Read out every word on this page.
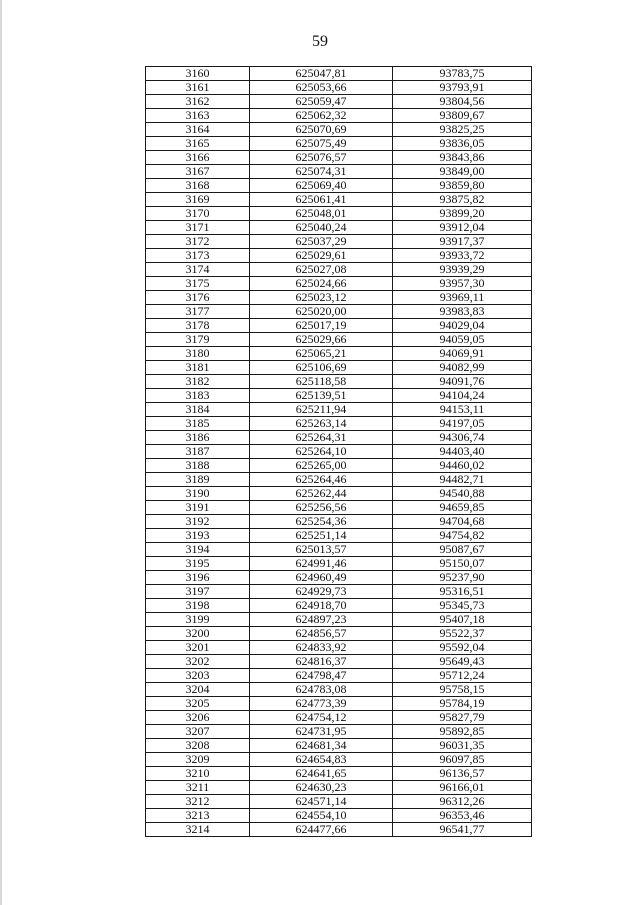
59
3160	625047,81	93783,75
3161	625053,66	93793,91
3162	625059,47	93804,56
3163	625062,32	93809,67
3164	625070,69	93825,25
3165	625075,49	93836,05
3166	625076,57	93843,86
3167	625074,31	93849,00
3168	625069,40	93859,80
3169	625061,41	93875,82
3170	625048,01	93899,20
3171	625040,24	93912,04
3172	625037,29	93917,37
3173	625029,61	93933,72
3174	625027,08	93939,29
3175	625024,66	93957,30
3176	625023,12	93969,11
3177	625020,00	93983,83
3178	625017,19	94029,04
3179	625029,66	94059,05
3180	625065,21	94069,91
3181	625106,69	94082,99
3182	625118,58	94091,76
3183	625139,51	94104,24
3184	625211,94	94153,11
3185	625263,14	94197,05
3186	625264,31	94306,74
3187	625264,10	94403,40
3188	625265,00	94460,02
3189	625264,46	94482,71
3190	625262,44	94540,88
3191	625256,56	94659,85
3192	625254,36	94704,68
3193	625251,14	94754,82
3194	625013,57	95087,67
3195	624991,46	95150,07
3196	624960,49	95237,90
3197	624929,73	95316,51
3198	624918,70	95345,73
3199	624897,23	95407,18
3200	624856,57	95522,37
3201	624833,92	95592,04
3202	624816,37	95649,43
3203	624798,47	95712,24
3204	624783,08	95758,15
3205	624773,39	95784,19
3206	624754,12	95827,79
3207	624731,95	95892,85
3208	624681,34	96031,35
3209	624654,83	96097,85
3210	624641,65	96136,57
3211	624630,23	96166,01
3212	624571,14	96312,26
3213	624554,10	96353,46
3214	624477,66	96541,77
